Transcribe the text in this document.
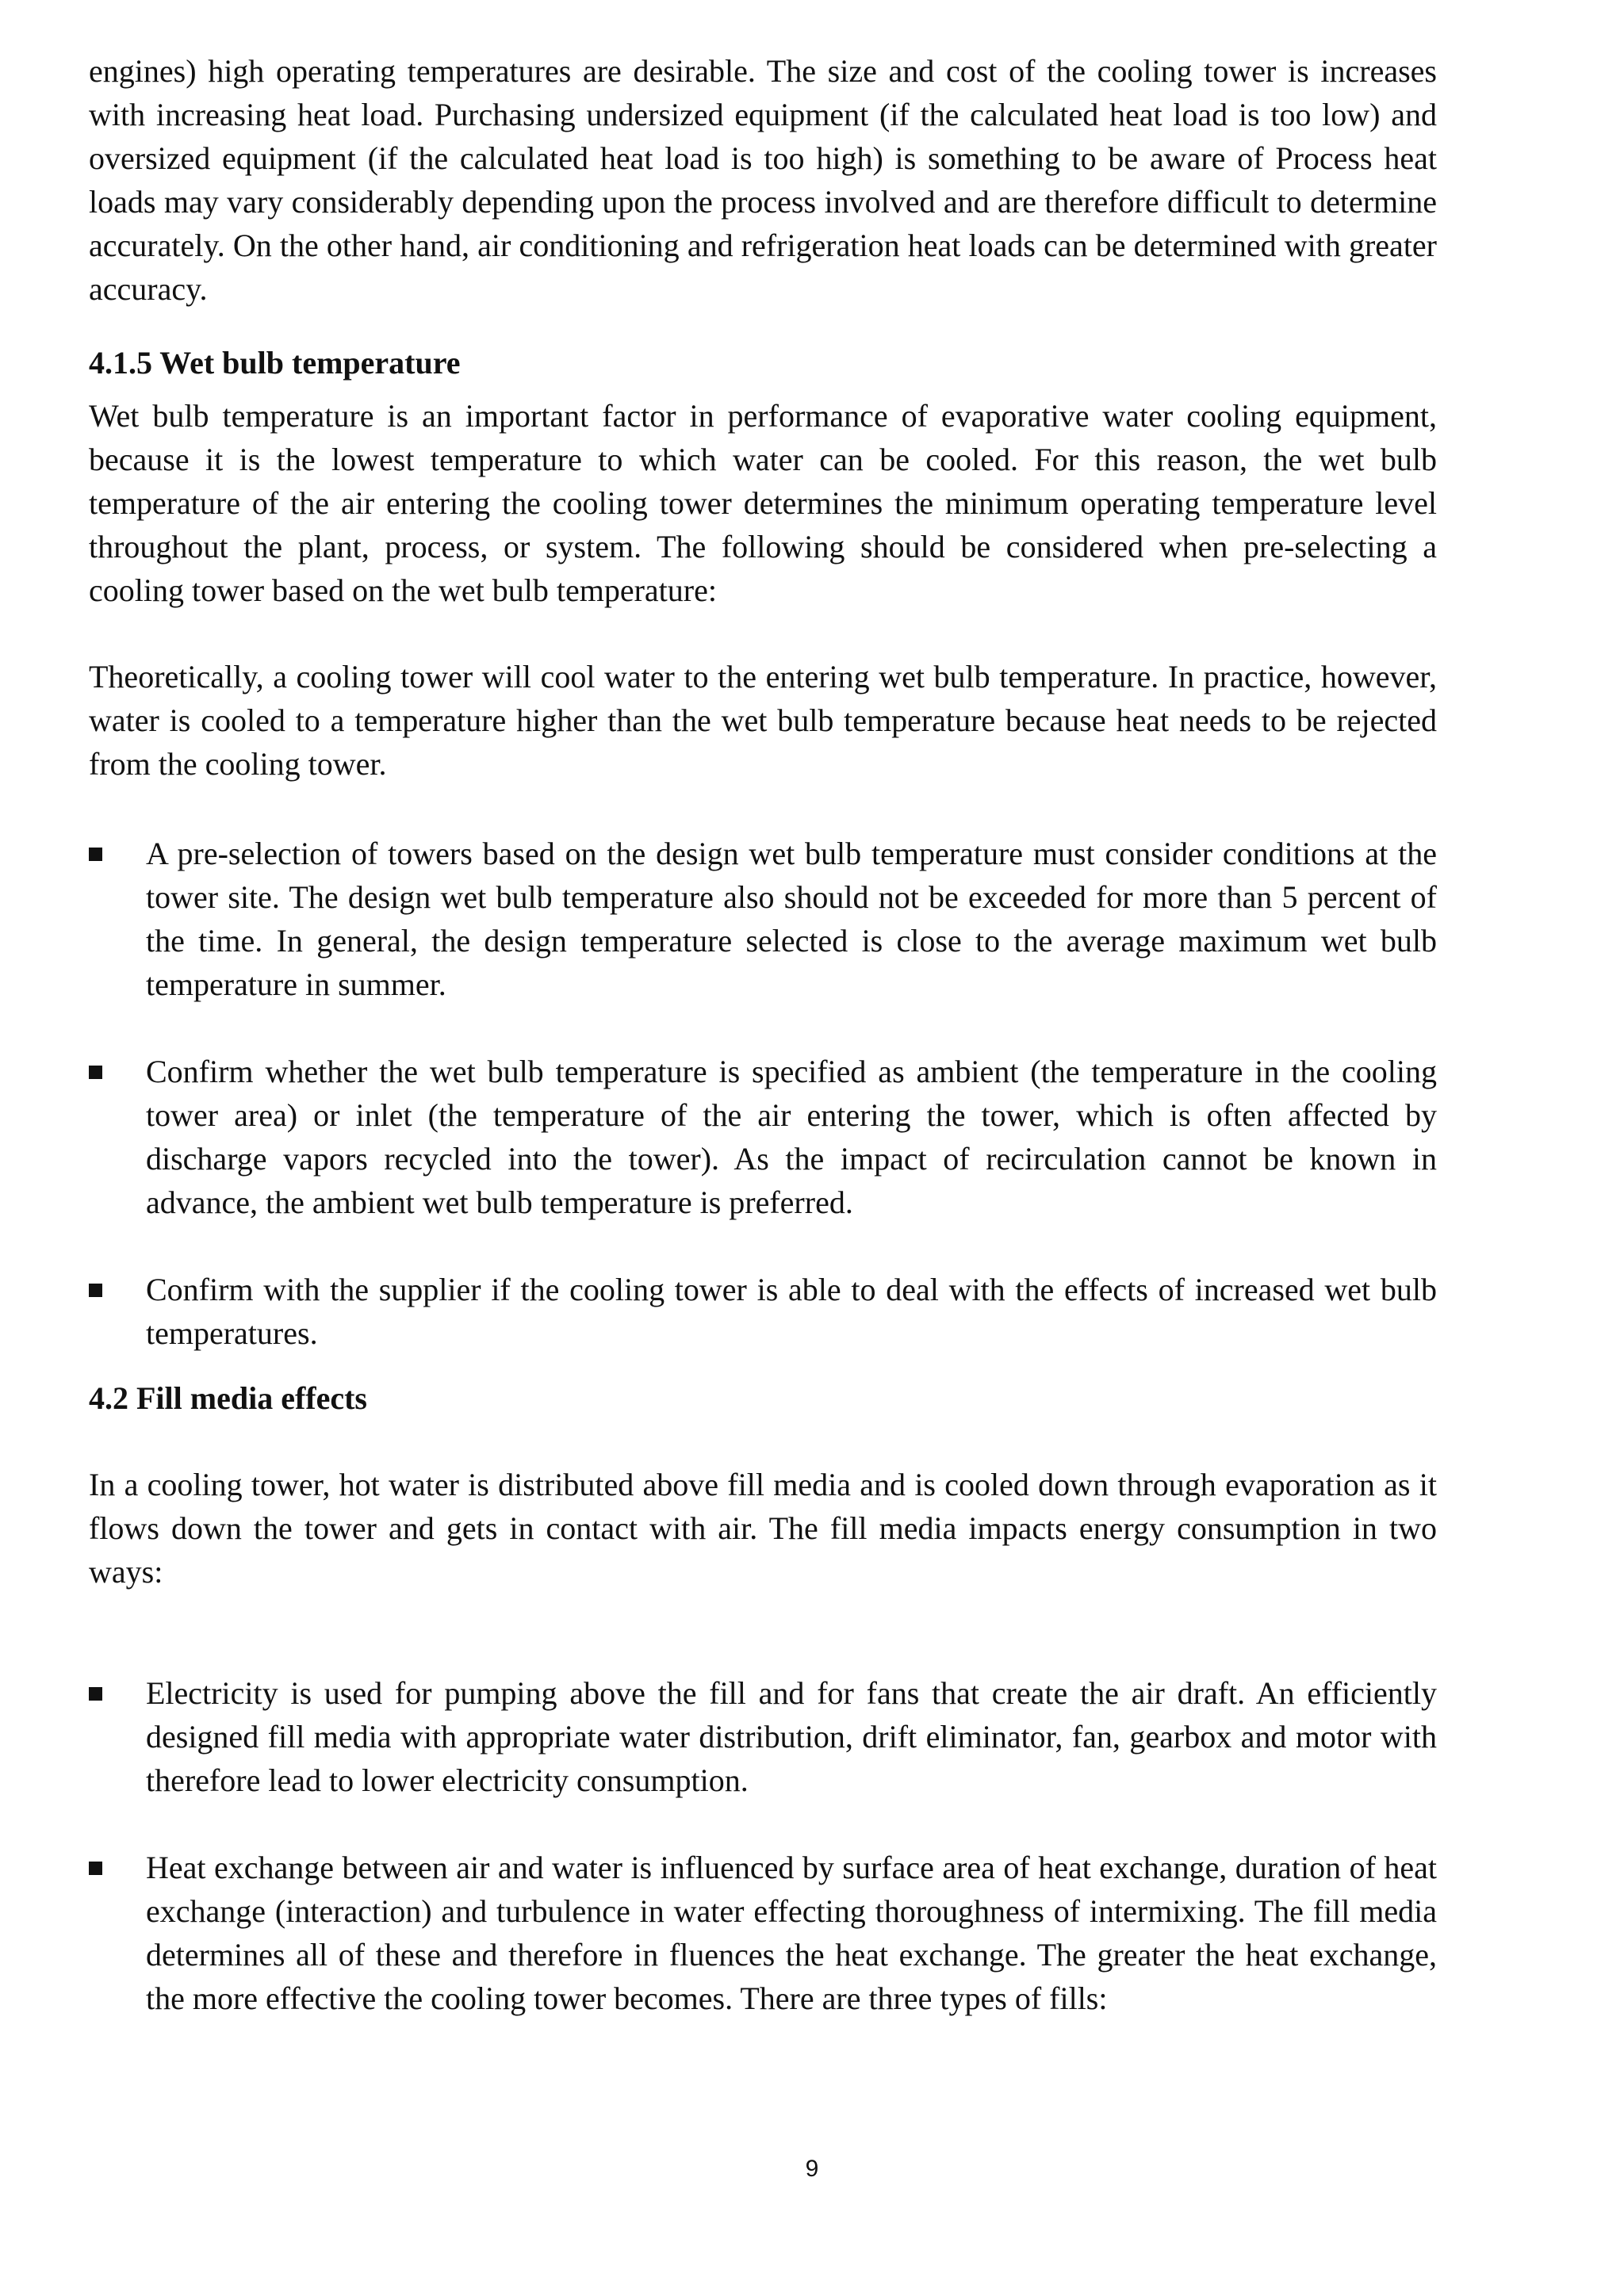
engines) high operating temperatures are desirable. The size and cost of the cooling tower is increases with increasing heat load. Purchasing undersized equipment (if the calculated heat load is too low) and oversized equipment (if the calculated heat load is too high) is something to be aware of Process heat loads may vary considerably depending upon the process involved and are therefore difficult to determine accurately. On the other hand, air conditioning and refrigeration heat loads can be determined with greater accuracy.

4.1.5 Wet bulb temperature

Wet bulb temperature is an important factor in performance of evaporative water cooling equipment, because it is the lowest temperature to which water can be cooled. For this reason, the wet bulb temperature of the air entering the cooling tower determines the minimum operating temperature level throughout the plant, process, or system. The following should be considered when pre-selecting a cooling tower based on the wet bulb temperature:

Theoretically, a cooling tower will cool water to the entering wet bulb temperature. In practice, however, water is cooled to a temperature higher than the wet bulb temperature because heat needs to be rejected from the cooling tower.

A pre-selection of towers based on the design wet bulb temperature must consider conditions at the tower site. The design wet bulb temperature also should not be exceeded for more than 5 percent of the time. In general, the design temperature selected is close to the average maximum wet bulb temperature in summer.
Confirm whether the wet bulb temperature is specified as ambient (the temperature in the cooling tower area) or inlet (the temperature of the air entering the tower, which is often affected by discharge vapors recycled into the tower). As the impact of recirculation cannot be known in advance, the ambient wet bulb temperature is preferred.
Confirm with the supplier if the cooling tower is able to deal with the effects of increased wet bulb temperatures.
4.2 Fill media effects

In a cooling tower, hot water is distributed above fill media and is cooled down through evaporation as it flows down the tower and gets in contact with air. The fill media impacts energy consumption in two ways:

Electricity is used for pumping above the fill and for fans that create the air draft. An efficiently designed fill media with appropriate water distribution, drift eliminator, fan, gearbox and motor with therefore lead to lower electricity consumption.
Heat exchange between air and water is influenced by surface area of heat exchange, duration of heat exchange (interaction) and turbulence in water effecting thoroughness of intermixing. The fill media determines all of these and therefore in fluences the heat exchange. The greater the heat exchange, the more effective the cooling tower becomes. There are three types of fills:
9
